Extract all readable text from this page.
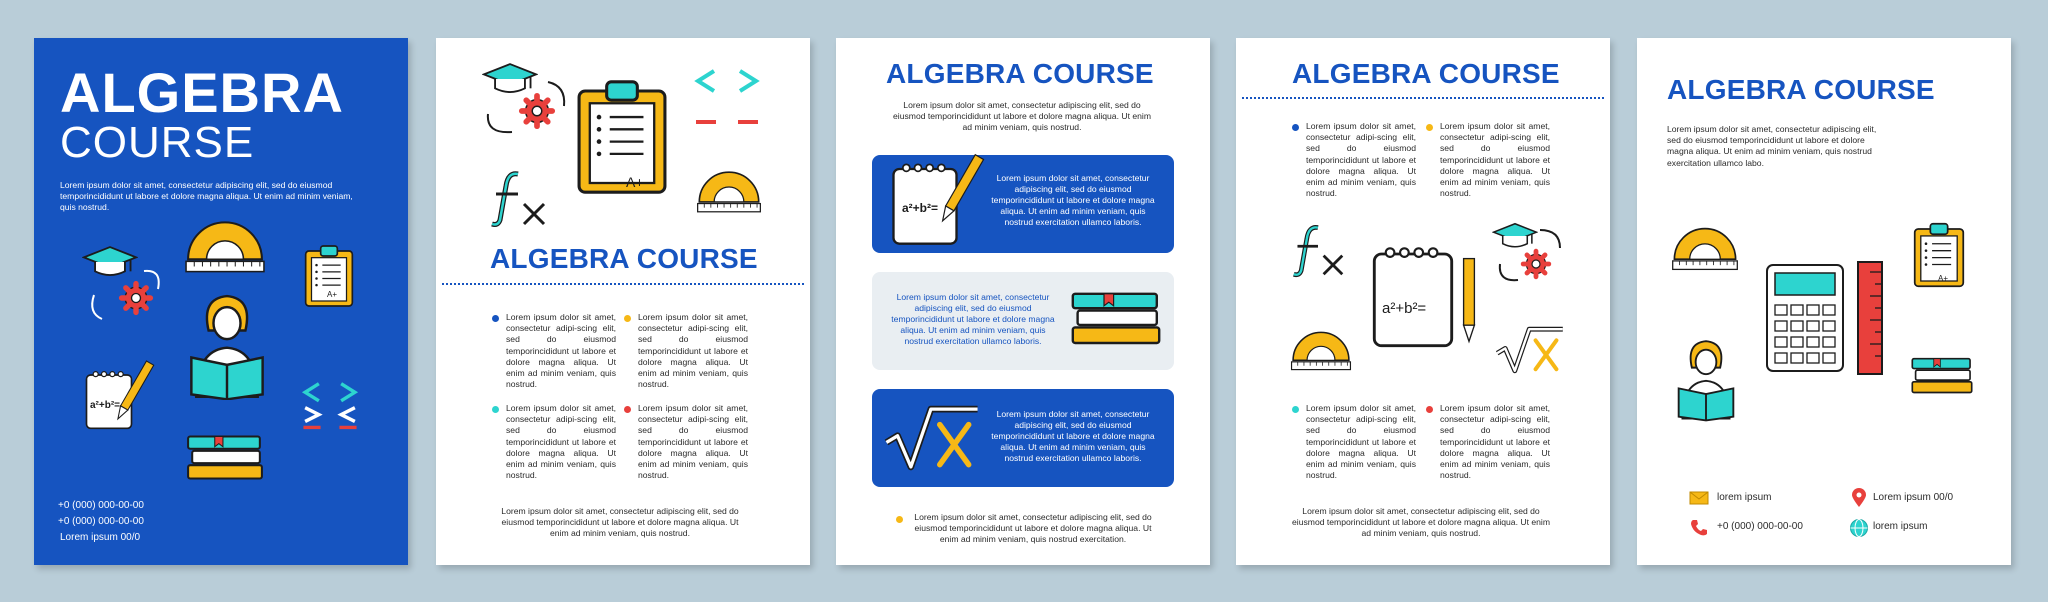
ALGEBRA
COURSE
Lorem ipsum dolor sit amet, consectetur adipiscing elit, sed do eiusmod temporincididunt ut labore et dolore magna aliqua. Ut enim ad minim veniam, quis nostrud.
A+
a²+b²=
+0 (000) 000-00-00
+0 (000) 000-00-00
Lorem ipsum 00/0
A+
ALGEBRA COURSE
Lorem ipsum dolor sit amet, consectetur adipi-scing elit, sed do eiusmod temporincididunt ut labore et dolore magna aliqua. Ut enim ad minim veniam, quis nostrud.
Lorem ipsum dolor sit amet, consectetur adipi-scing elit, sed do eiusmod temporincididunt ut labore et dolore magna aliqua. Ut enim ad minim veniam, quis nostrud.
Lorem ipsum dolor sit amet, consectetur adipi-scing elit, sed do eiusmod temporincididunt ut labore et dolore magna aliqua. Ut enim ad minim veniam, quis nostrud.
Lorem ipsum dolor sit amet, consectetur adipi-scing elit, sed do eiusmod temporincididunt ut labore et dolore magna aliqua. Ut enim ad minim veniam, quis nostrud.
Lorem ipsum dolor sit amet, consectetur adipiscing elit, sed do eiusmod temporincididunt ut labore et dolore magna aliqua. Ut enim ad minim veniam, quis nostrud.
ALGEBRA COURSE
Lorem ipsum dolor sit amet, consectetur adipiscing elit, sed do eiusmod temporincididunt ut labore et dolore magna aliqua. Ut enim ad minim veniam, quis nostrud.
a²+b²=
Lorem ipsum dolor sit amet, consectetur adipiscing elit, sed do eiusmod temporincididunt ut labore et dolore magna aliqua. Ut enim ad minim veniam, quis nostrud exercitation ullamco laboris.
Lorem ipsum dolor sit amet, consectetur adipiscing elit, sed do eiusmod temporincididunt ut labore et dolore magna aliqua. Ut enim ad minim veniam, quis nostrud exercitation ullamco laboris.
Lorem ipsum dolor sit amet, consectetur adipiscing elit, sed do eiusmod temporincididunt ut labore et dolore magna aliqua. Ut enim ad minim veniam, quis nostrud exercitation ullamco laboris.
Lorem ipsum dolor sit amet, consectetur adipiscing elit, sed do eiusmod temporincididunt ut labore et dolore magna aliqua. Ut enim ad minim veniam, quis nostrud exercitation.
ALGEBRA COURSE
Lorem ipsum dolor sit amet, consectetur adipi-scing elit, sed do eiusmod temporincididunt ut labore et dolore magna aliqua. Ut enim ad minim veniam, quis nostrud.
Lorem ipsum dolor sit amet, consectetur adipi-scing elit, sed do eiusmod temporincididunt ut labore et dolore magna aliqua. Ut enim ad minim veniam, quis nostrud.
a²+b²=
Lorem ipsum dolor sit amet, consectetur adipi-scing elit, sed do eiusmod temporincididunt ut labore et dolore magna aliqua. Ut enim ad minim veniam, quis nostrud.
Lorem ipsum dolor sit amet, consectetur adipi-scing elit, sed do eiusmod temporincididunt ut labore et dolore magna aliqua. Ut enim ad minim veniam, quis nostrud.
Lorem ipsum dolor sit amet, consectetur adipiscing elit, sed do eiusmod temporincididunt ut labore et dolore magna aliqua. Ut enim ad minim veniam, quis nostrud.
ALGEBRA COURSE
Lorem ipsum dolor sit amet, consectetur adipiscing elit, sed do eiusmod temporincididunt ut labore et dolore magna aliqua. Ut enim ad minim veniam, quis nostrud exercitation ullamco labo.
A+
lorem ipsum	Lorem ipsum 00/0
+0 (000) 000-00-00	lorem ipsum
